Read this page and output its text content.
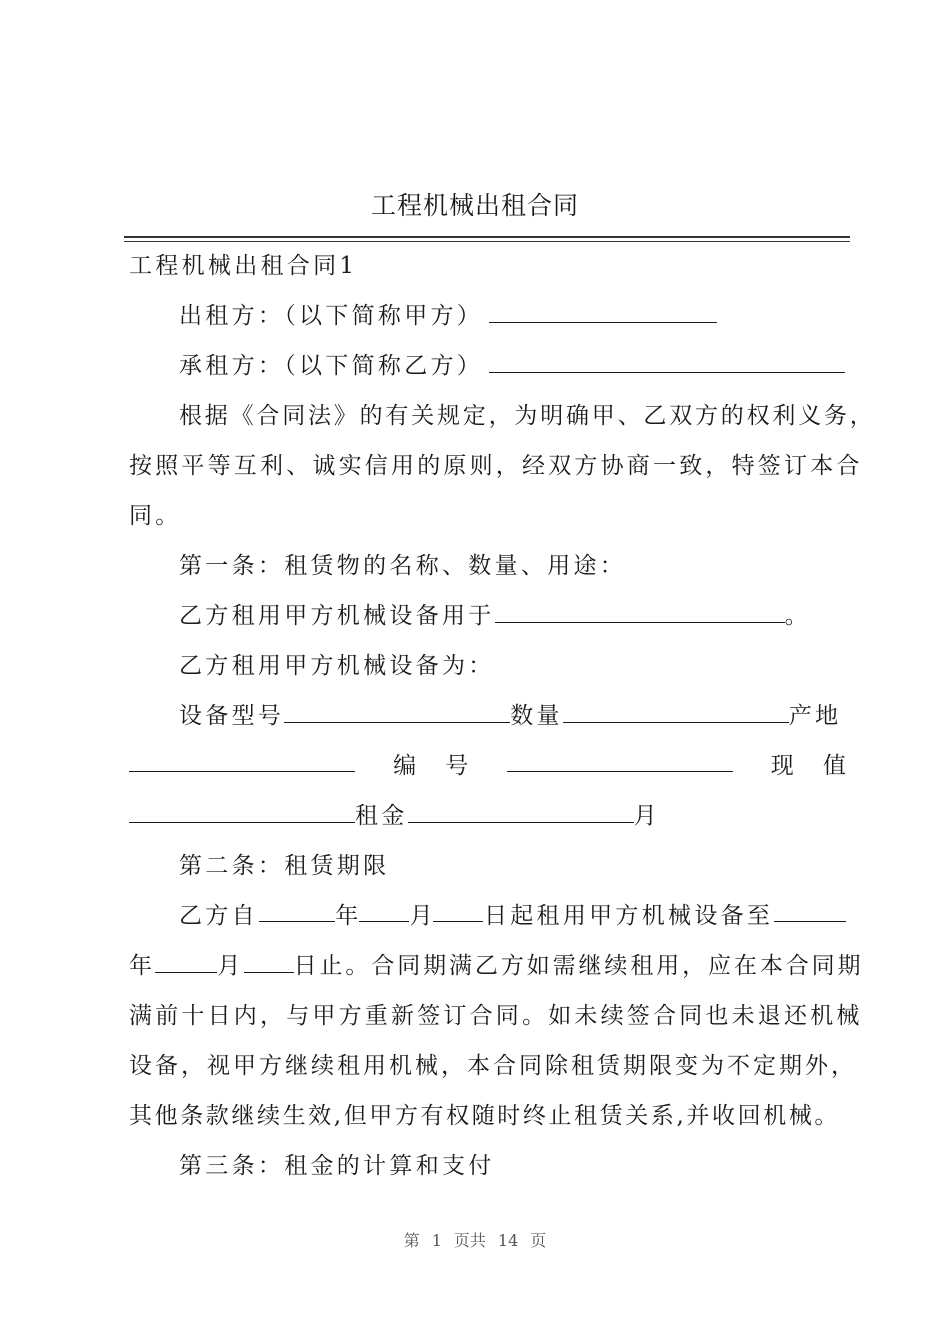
工程机械出租合同
工程机械出租合同1
出租方：（以下简称甲方）
承租方：（以下简称乙方）
根据《合同法》的有关规定，为明确甲、乙双方的权利义务，
按照平等互利、诚实信用的原则，经双方协商一致，特签订本合
同。
第一条：租赁物的名称、数量、用途：
乙方租用甲方机械设备用于	。
乙方租用甲方机械设备为：
设备型号	数量	产地
编    号	现    值
租金	月
第二条：租赁期限
乙方自	年 月 日起租用甲方机械设备至
年	月 日止。合同期满乙方如需继续租用，应在本合同期
满前十日内，与甲方重新签订合同。如未续签合同也未退还机械
设备，视甲方继续租用机械，本合同除租赁期限变为不定期外，
其他条款继续生效,但甲方有权随时终止租赁关系,并收回机械。
第三条：租金的计算和支付
第 1 页共 14 页
